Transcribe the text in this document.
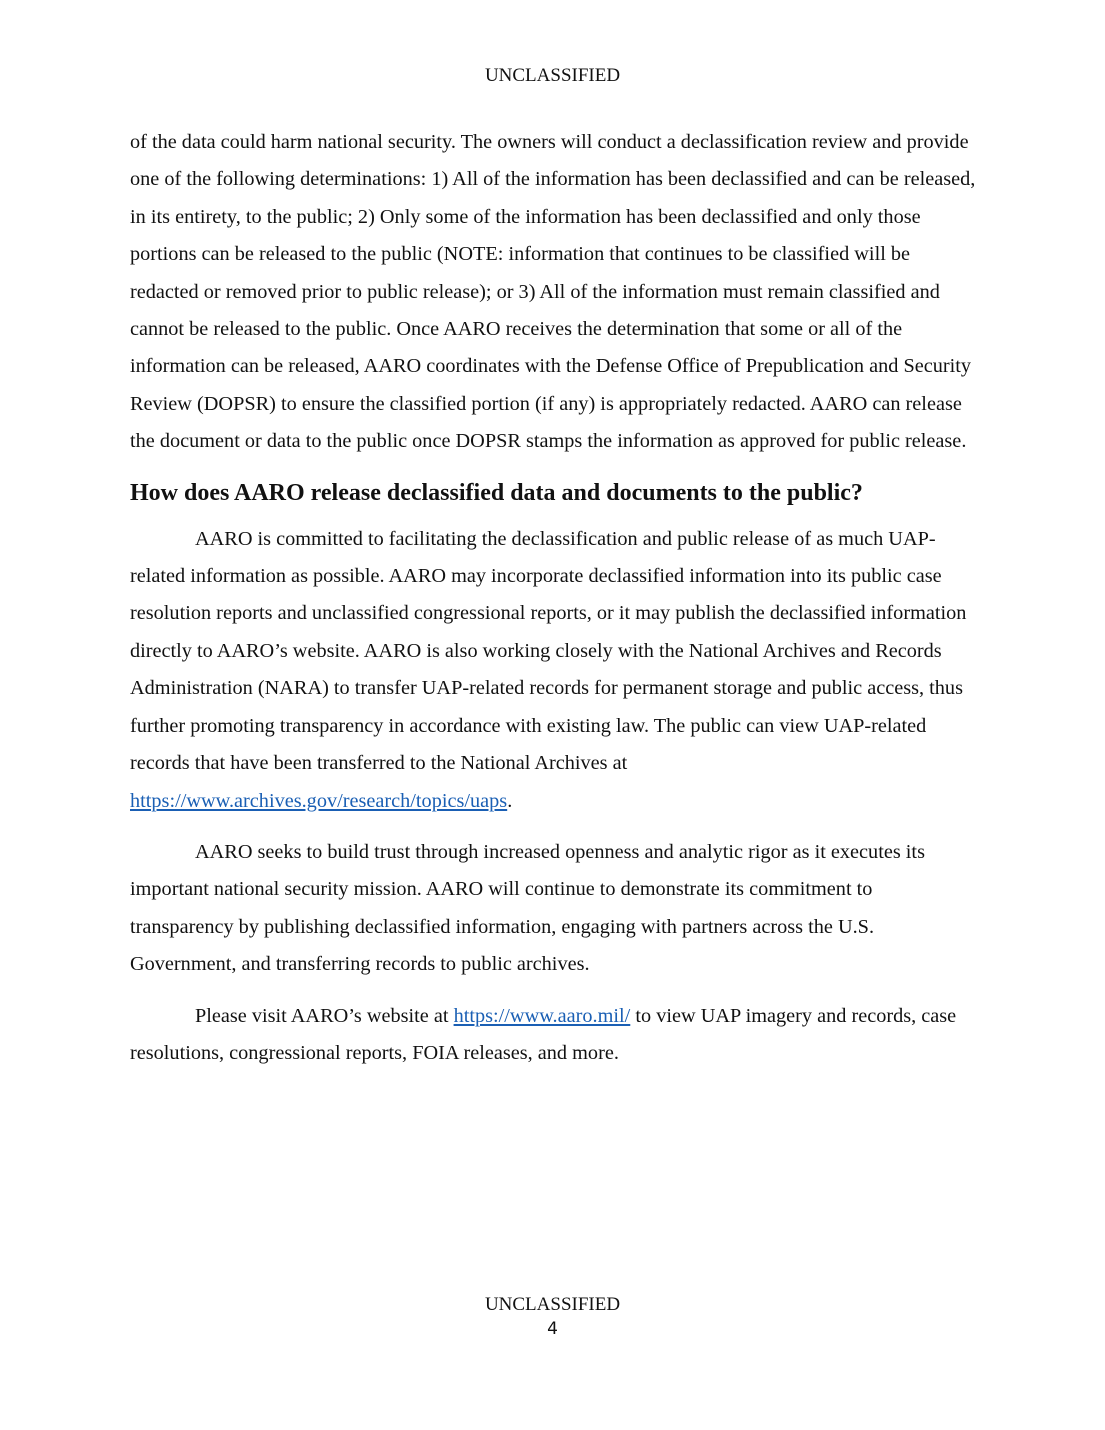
UNCLASSIFIED

of the data could harm national security. The owners will conduct a declassification review and provide one of the following determinations: 1) All of the information has been declassified and can be released, in its entirety, to the public; 2) Only some of the information has been declassified and only those portions can be released to the public (NOTE: information that continues to be classified will be redacted or removed prior to public release); or 3) All of the information must remain classified and cannot be released to the public. Once AARO receives the determination that some or all of the information can be released, AARO coordinates with the Defense Office of Prepublication and Security Review (DOPSR) to ensure the classified portion (if any) is appropriately redacted. AARO can release the document or data to the public once DOPSR stamps the information as approved for public release.

How does AARO release declassified data and documents to the public?

AARO is committed to facilitating the declassification and public release of as much UAP-related information as possible. AARO may incorporate declassified information into its public case resolution reports and unclassified congressional reports, or it may publish the declassified information directly to AARO’s website. AARO is also working closely with the National Archives and Records Administration (NARA) to transfer UAP-related records for permanent storage and public access, thus further promoting transparency in accordance with existing law. The public can view UAP-related records that have been transferred to the National Archives at https://www.archives.gov/research/topics/uaps.

AARO seeks to build trust through increased openness and analytic rigor as it executes its important national security mission. AARO will continue to demonstrate its commitment to transparency by publishing declassified information, engaging with partners across the U.S. Government, and transferring records to public archives.

Please visit AARO’s website at https://www.aaro.mil/ to view UAP imagery and records, case resolutions, congressional reports, FOIA releases, and more.

UNCLASSIFIED
4
